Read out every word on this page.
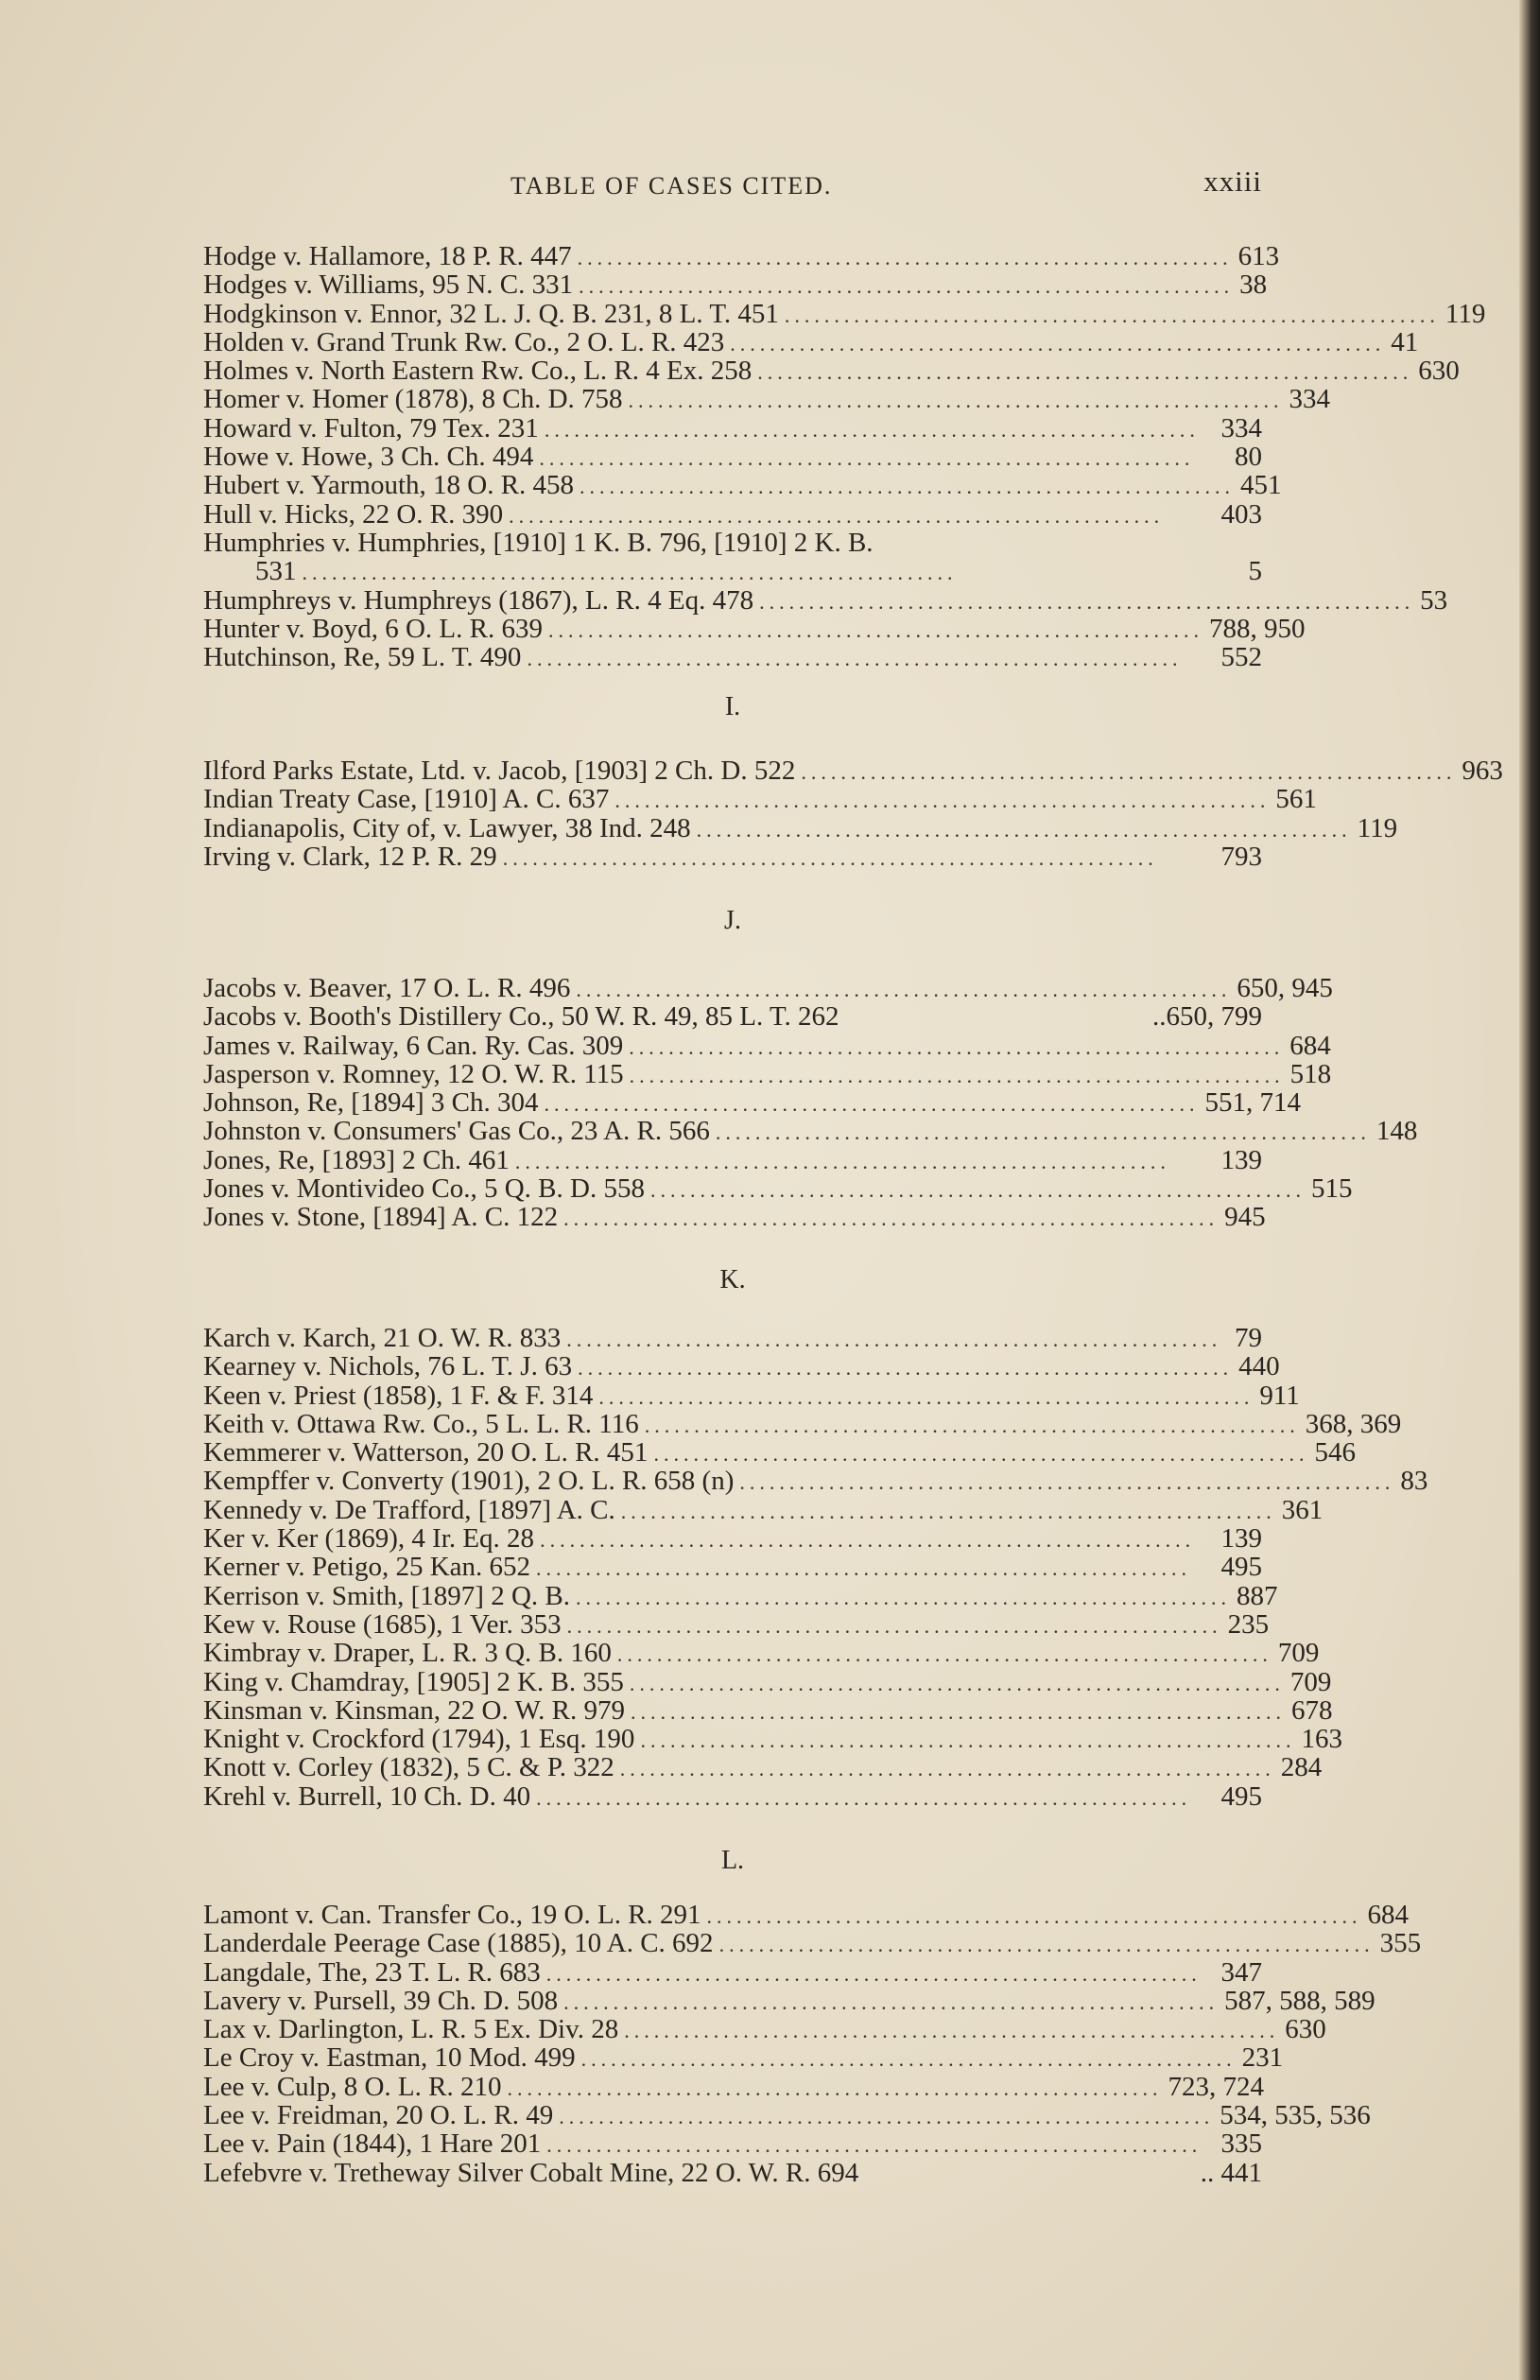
TABLE OF CASES CITED.	xxiii
Hodge v. Hallamore, 18 P. R. 447 .................................................................. 613
Hodges v. Williams, 95 N. C. 331 .................................................................. 38
Hodgkinson v. Ennor, 32 L. J. Q. B. 231, 8 L. T. 451 .................................................................. 119
Holden v. Grand Trunk Rw. Co., 2 O. L. R. 423 .................................................................. 41
Holmes v. North Eastern Rw. Co., L. R. 4 Ex. 258 .................................................................. 630
Homer v. Homer (1878), 8 Ch. D. 758 .................................................................. 334
Howard v. Fulton, 79 Tex. 231 .................................................................. 334
Howe v. Howe, 3 Ch. Ch. 494 ..................................................................	80
Hubert v. Yarmouth, 18 O. R. 458 .................................................................. 451
Hull v. Hicks, 22 O. R. 390 ..................................................................	403
Humphries v. Humphries, [1910] 1 K. B. 796, [1910] 2 K. B.
531 ..................................................................	5
Humphreys v. Humphreys (1867), L. R. 4 Eq. 478 .................................................................. 53
Hunter v. Boyd, 6 O. L. R. 639 .................................................................. 788, 950
Hutchinson, Re, 59 L. T. 490 ..................................................................	552
I.
Ilford Parks Estate, Ltd. v. Jacob, [1903] 2 Ch. D. 522 .................................................................. 963
Indian Treaty Case, [1910] A. C. 637 .................................................................. 561
Indianapolis, City of, v. Lawyer, 38 Ind. 248 .................................................................. 119
Irving v. Clark, 12 P. R. 29 ..................................................................	793
J.
Jacobs v. Beaver, 17 O. L. R. 496 .................................................................. 650, 945
Jacobs v. Booth's Distillery Co., 50 W. R. 49, 85 L. T. 262	..650, 799
James v. Railway, 6 Can. Ry. Cas. 309 .................................................................. 684
Jasperson v. Romney, 12 O. W. R. 115 .................................................................. 518
Johnson, Re, [1894] 3 Ch. 304 .................................................................. 551, 714
Johnston v. Consumers' Gas Co., 23 A. R. 566 .................................................................. 148
Jones, Re, [1893] 2 Ch. 461 ..................................................................	139
Jones v. Montivideo Co., 5 Q. B. D. 558 .................................................................. 515
Jones v. Stone, [1894] A. C. 122 .................................................................. 945
K.
Karch v. Karch, 21 O. W. R. 833 .................................................................. 79
Kearney v. Nichols, 76 L. T. J. 63 .................................................................. 440
Keen v. Priest (1858), 1 F. & F. 314 .................................................................. 911
Keith v. Ottawa Rw. Co., 5 L. L. R. 116 .................................................................. 368, 369
Kemmerer v. Watterson, 20 O. L. R. 451 .................................................................. 546
Kempffer v. Converty (1901), 2 O. L. R. 658 (n) .................................................................. 83
Kennedy v. De Trafford, [1897] A. C. .................................................................. 361
Ker v. Ker (1869), 4 Ir. Eq. 28 .................................................................. 139
Kerner v. Petigo, 25 Kan. 652 ..................................................................	495
Kerrison v. Smith, [1897] 2 Q. B. .................................................................. 887
Kew v. Rouse (1685), 1 Ver. 353 .................................................................. 235
Kimbray v. Draper, L. R. 3 Q. B. 160 .................................................................. 709
King v. Chamdray, [1905] 2 K. B. 355 .................................................................. 709
Kinsman v. Kinsman, 22 O. W. R. 979 .................................................................. 678
Knight v. Crockford (1794), 1 Esq. 190 .................................................................. 163
Knott v. Corley (1832), 5 C. & P. 322 .................................................................. 284
Krehl v. Burrell, 10 Ch. D. 40 ..................................................................	495
L.
Lamont v. Can. Transfer Co., 19 O. L. R. 291 .................................................................. 684
Landerdale Peerage Case (1885), 10 A. C. 692 .................................................................. 355
Langdale, The, 23 T. L. R. 683 .................................................................. 347
Lavery v. Pursell, 39 Ch. D. 508 .................................................................. 587, 588, 589
Lax v. Darlington, L. R. 5 Ex. Div. 28 .................................................................. 630
Le Croy v. Eastman, 10 Mod. 499 .................................................................. 231
Lee v. Culp, 8 O. L. R. 210 .................................................................. 723, 724
Lee v. Freidman, 20 O. L. R. 49 .................................................................. 534, 535, 536
Lee v. Pain (1844), 1 Hare 201 .................................................................. 335
Lefebvre v. Tretheway Silver Cobalt Mine, 22 O. W. R. 694	.. 441
